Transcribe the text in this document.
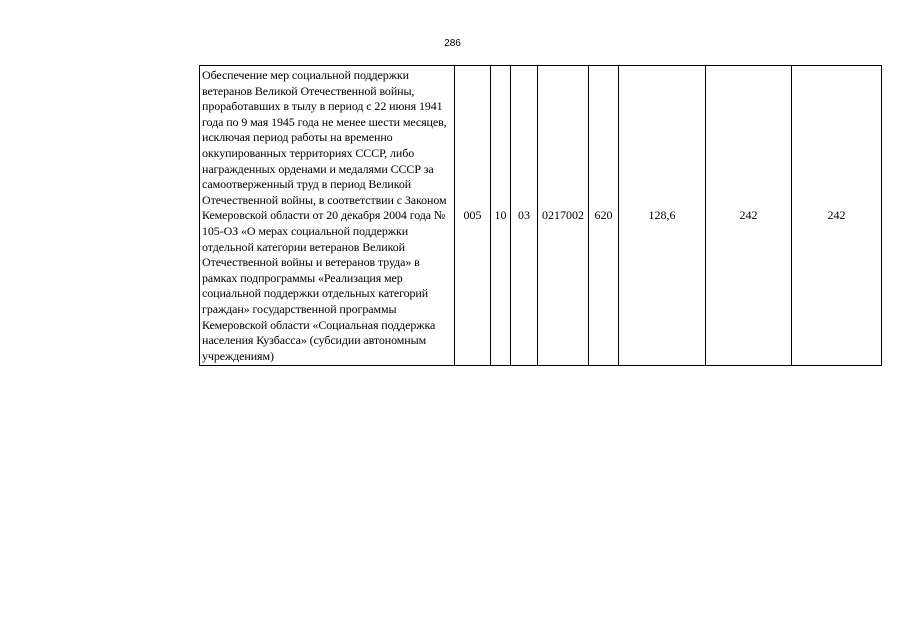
286
Обеспечение мер социальной поддержки
ветеранов Великой Отечественной войны,
проработавших в тылу в период с 22 июня 1941
года по 9 мая 1945 года не менее шести месяцев,
исключая период работы на временно
оккупированных территориях СССР, либо
награжденных орденами и медалями СССР за
самоотверженный труд в период Великой
Отечественной войны, в соответствии с Законом
Кемеровской области от 20 декабря 2004 года №
105-ОЗ «О мерах социальной поддержки
отдельной категории ветеранов Великой
Отечественной войны и ветеранов труда» в
рамках подпрограммы «Реализация мер
социальной поддержки отдельных категорий
граждан» государственной программы
Кемеровской области «Социальная поддержка
населения Кузбасса» (субсидии автономным
учреждениям)	005	10	03	0217002	620	128,6	242	242
